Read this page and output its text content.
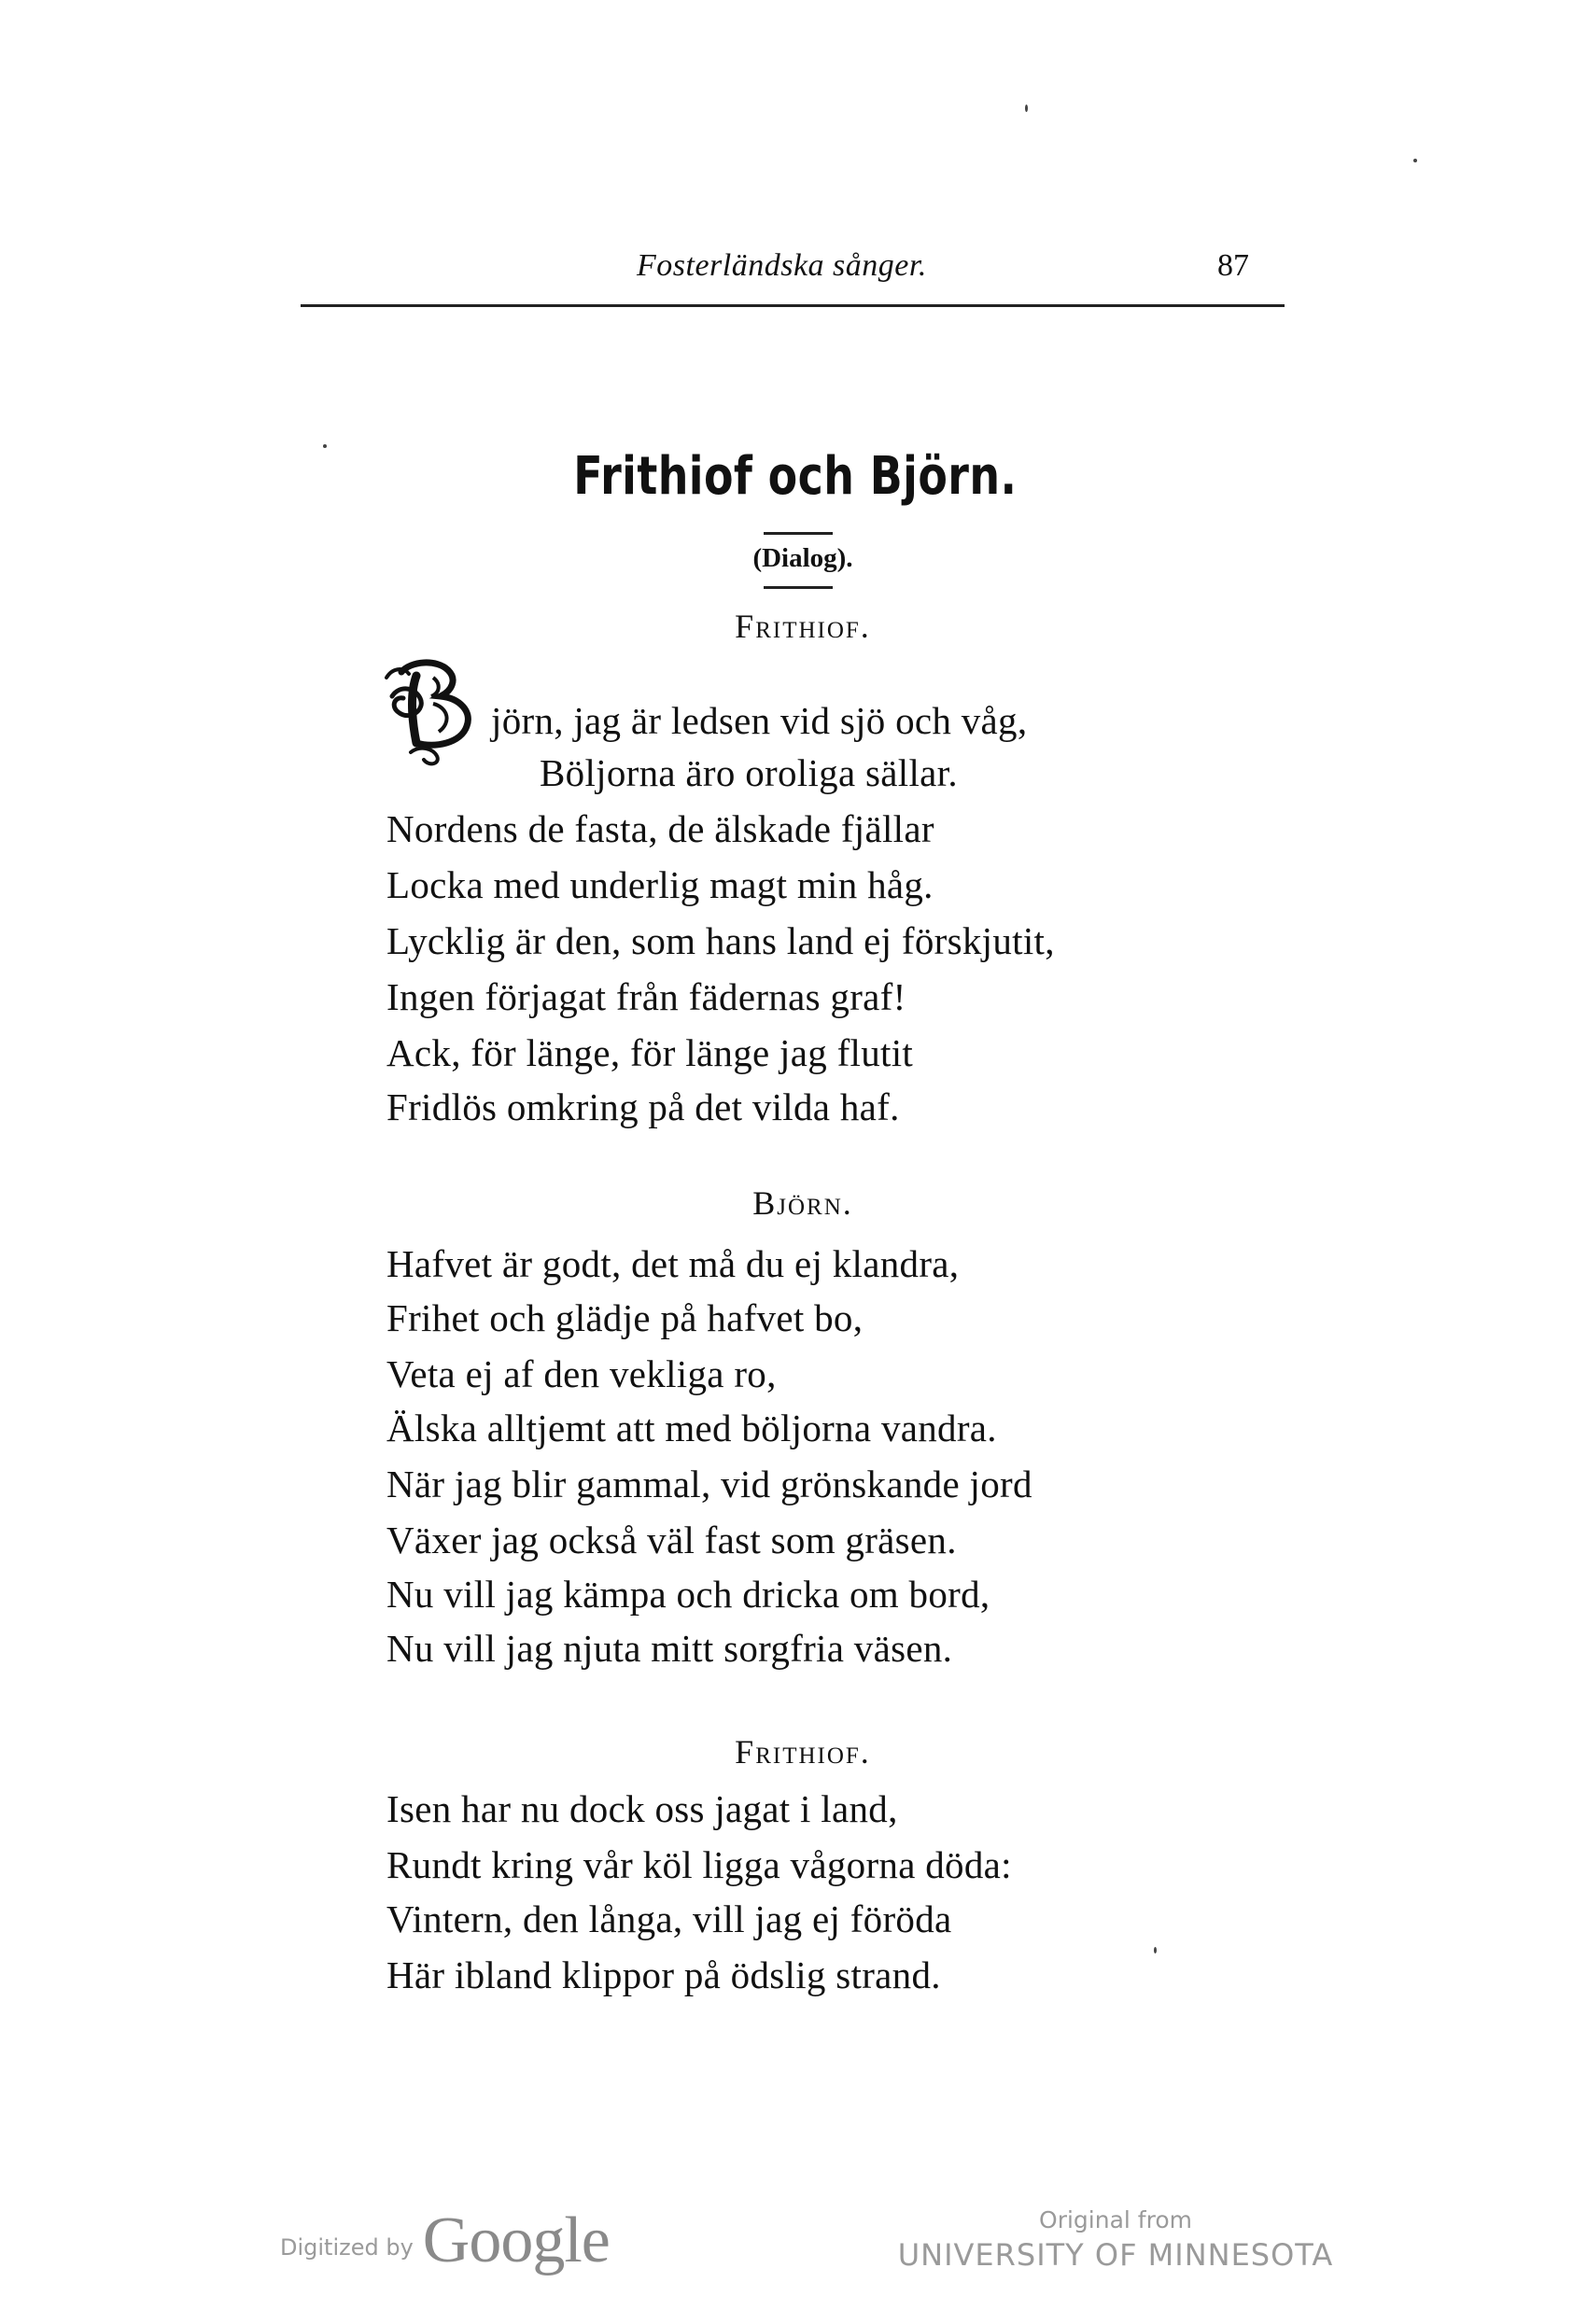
Fosterländska sånger.	87
Frithiof och Björn.
(Dialog).
Frithiof.
jörn, jag är ledsen vid sjö och våg,
Böljorna äro oroliga sällar.
Nordens de fasta, de älskade fjällar
Locka med underlig magt min håg.
Lycklig är den, som hans land ej förskjutit,
Ingen förjagat från fädernas graf!
Ack, för länge, för länge jag flutit
Fridlös omkring på det vilda haf.
Björn.
Hafvet är godt, det må du ej klandra,
Frihet och glädje på hafvet bo,
Veta ej af den vekliga ro,
Älska alltjemt att med böljorna vandra.
När jag blir gammal, vid grönskande jord
Växer jag också väl fast som gräsen.
Nu vill jag kämpa och dricka om bord,
Nu vill jag njuta mitt sorgfria väsen.
Frithiof.
Isen har nu dock oss jagat i land,
Rundt kring vår köl ligga vågorna döda:
Vintern, den långa, vill jag ej föröda
Här ibland klippor på ödslig strand.
Digitized by Google	Original from
UNIVERSITY OF MINNESOTA
